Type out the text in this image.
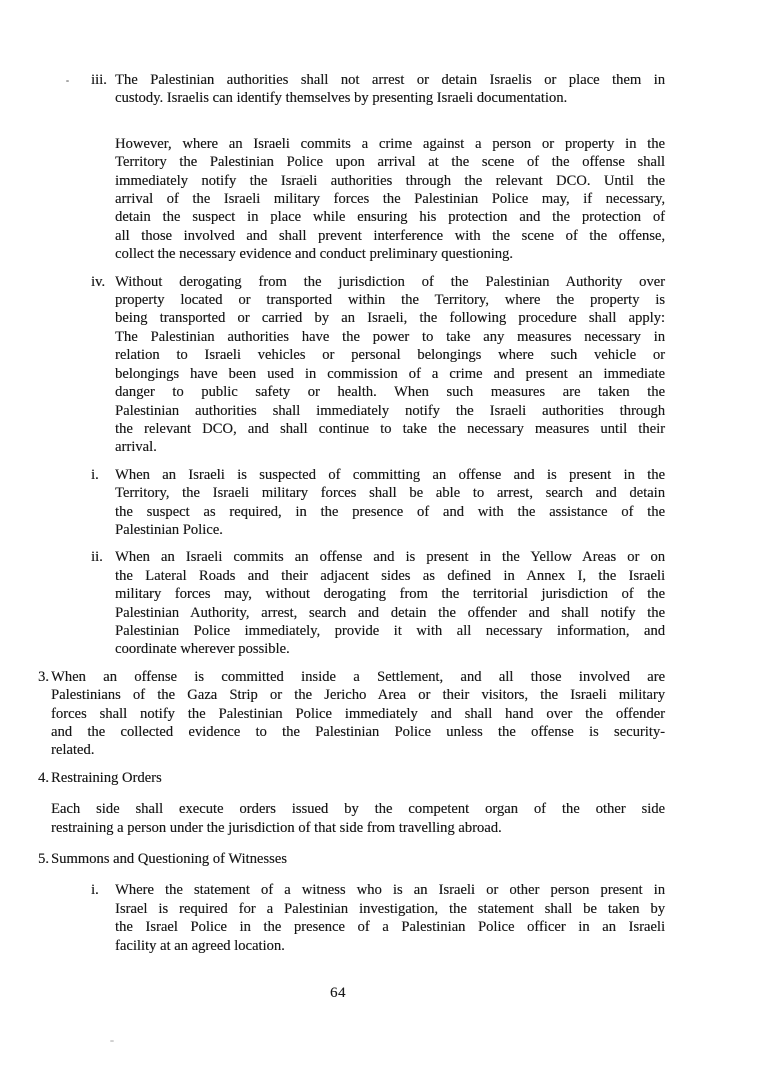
iii. The Palestinian authorities shall not arrest or detain Israelis or place them in
custody. Israelis can identify themselves by presenting Israeli documentation.
However, where an Israeli commits a crime against a person or property in the
Territory the Palestinian Police upon arrival at the scene of the offense shall
immediately notify the Israeli authorities through the relevant DCO. Until the
arrival of the Israeli military forces the Palestinian Police may, if necessary,
detain the suspect in place while ensuring his protection and the protection of
all those involved and shall prevent interference with the scene of the offense,
collect the necessary evidence and conduct preliminary questioning.
iv. Without derogating from the jurisdiction of the Palestinian Authority over
property located or transported within the Territory, where the property is
being transported or carried by an Israeli, the following procedure shall apply:
The Palestinian authorities have the power to take any measures necessary in
relation to Israeli vehicles or personal belongings where such vehicle or
belongings have been used in commission of a crime and present an immediate
danger to public safety or health. When such measures are taken the
Palestinian authorities shall immediately notify the Israeli authorities through
the relevant DCO, and shall continue to take the necessary measures until their
arrival.
i.	When an Israeli is suspected of committing an offense and is present in the
Territory, the Israeli military forces shall be able to arrest, search and detain
the suspect as required, in the presence of and with the assistance of the
Palestinian Police.
ii. When an Israeli commits an offense and is present in the Yellow Areas or on
the Lateral Roads and their adjacent sides as defined in Annex I, the Israeli
military forces may, without derogating from the territorial jurisdiction of the
Palestinian Authority, arrest, search and detain the offender and shall notify the
Palestinian Police immediately, provide it with all necessary information, and
coordinate wherever possible.
3. When an offense is committed inside a Settlement, and all those involved are
Palestinians of the Gaza Strip or the Jericho Area or their visitors, the Israeli military
forces shall notify the Palestinian Police immediately and shall hand over the offender
and the collected evidence to the Palestinian Police unless the offense is security-
related.
4. Restraining Orders
Each side shall execute orders issued by the competent organ of the other side
restraining a person under the jurisdiction of that side from travelling abroad.
5. Summons and Questioning of Witnesses
i.	Where the statement of a witness who is an Israeli or other person present in
Israel is required for a Palestinian investigation, the statement shall be taken by
the Israel Police in the presence of a Palestinian Police officer in an Israeli
facility at an agreed location.
64
